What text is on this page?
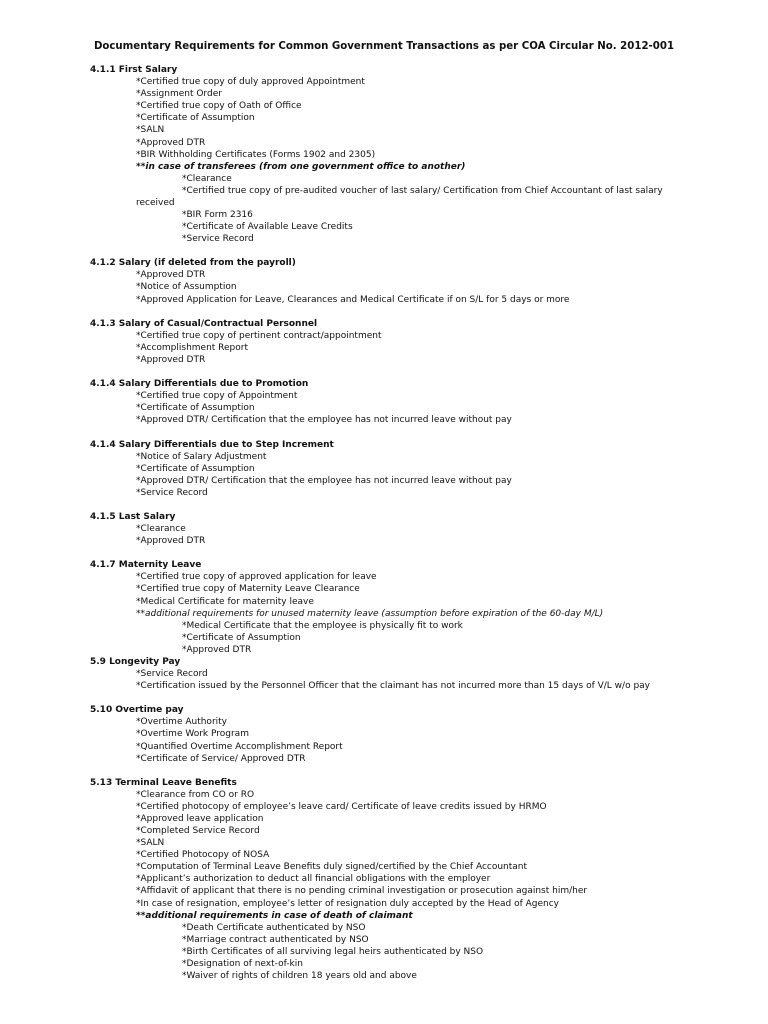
Documentary Requirements for Common Government Transactions as per COA Circular No. 2012-001
4.1.1 First Salary
*Certified true copy of duly approved Appointment
*Assignment Order
*Certified true copy of Oath of Office
*Certificate of Assumption
*SALN
*Approved DTR
*BIR Withholding Certificates (Forms 1902 and 2305)
**in case of transferees (from one government office to another)
*Clearance
*Certified true copy of pre-audited voucher of last salary/ Certification from Chief Accountant of last salary
received
*BIR Form 2316
*Certificate of Available Leave Credits
*Service Record
4.1.2 Salary (if deleted from the payroll)
*Approved DTR
*Notice of Assumption
*Approved Application for Leave, Clearances and Medical Certificate if on S/L for 5 days or more
4.1.3 Salary of Casual/Contractual Personnel
*Certified true copy of pertinent contract/appointment
*Accomplishment Report
*Approved DTR
4.1.4 Salary Differentials due to Promotion
*Certified true copy of Appointment
*Certificate of Assumption
*Approved DTR/ Certification that the employee has not incurred leave without pay
4.1.4 Salary Differentials due to Step Increment
*Notice of Salary Adjustment
*Certificate of Assumption
*Approved DTR/ Certification that the employee has not incurred leave without pay
*Service Record
4.1.5 Last Salary
*Clearance
*Approved DTR
4.1.7 Maternity Leave
*Certified true copy of approved application for leave
*Certified true copy of Maternity Leave Clearance
*Medical Certificate for maternity leave
**additional requirements for unused maternity leave (assumption before expiration of the 60-day M/L)
*Medical Certificate that the employee is physically fit to work
*Certificate of Assumption
*Approved DTR
5.9 Longevity Pay
*Service Record
*Certification issued by the Personnel Officer that the claimant has not incurred more than 15 days of V/L w/o pay
5.10 Overtime pay
*Overtime Authority
*Overtime Work Program
*Quantified Overtime Accomplishment Report
*Certificate of Service/ Approved DTR
5.13 Terminal Leave Benefits
*Clearance from CO or RO
*Certified photocopy of employee’s leave card/ Certificate of leave credits issued by HRMO
*Approved leave application
*Completed Service Record
*SALN
*Certified Photocopy of NOSA
*Computation of Terminal Leave Benefits duly signed/certified by the Chief Accountant
*Applicant’s authorization to deduct all financial obligations with the employer
*Affidavit of applicant that there is no pending criminal investigation or prosecution against him/her
*In case of resignation, employee’s letter of resignation duly accepted by the Head of Agency
**additional requirements in case of death of claimant
*Death Certificate authenticated by NSO
*Marriage contract authenticated by NSO
*Birth Certificates of all surviving legal heirs authenticated by NSO
*Designation of next-of-kin
*Waiver of rights of children 18 years old and above
